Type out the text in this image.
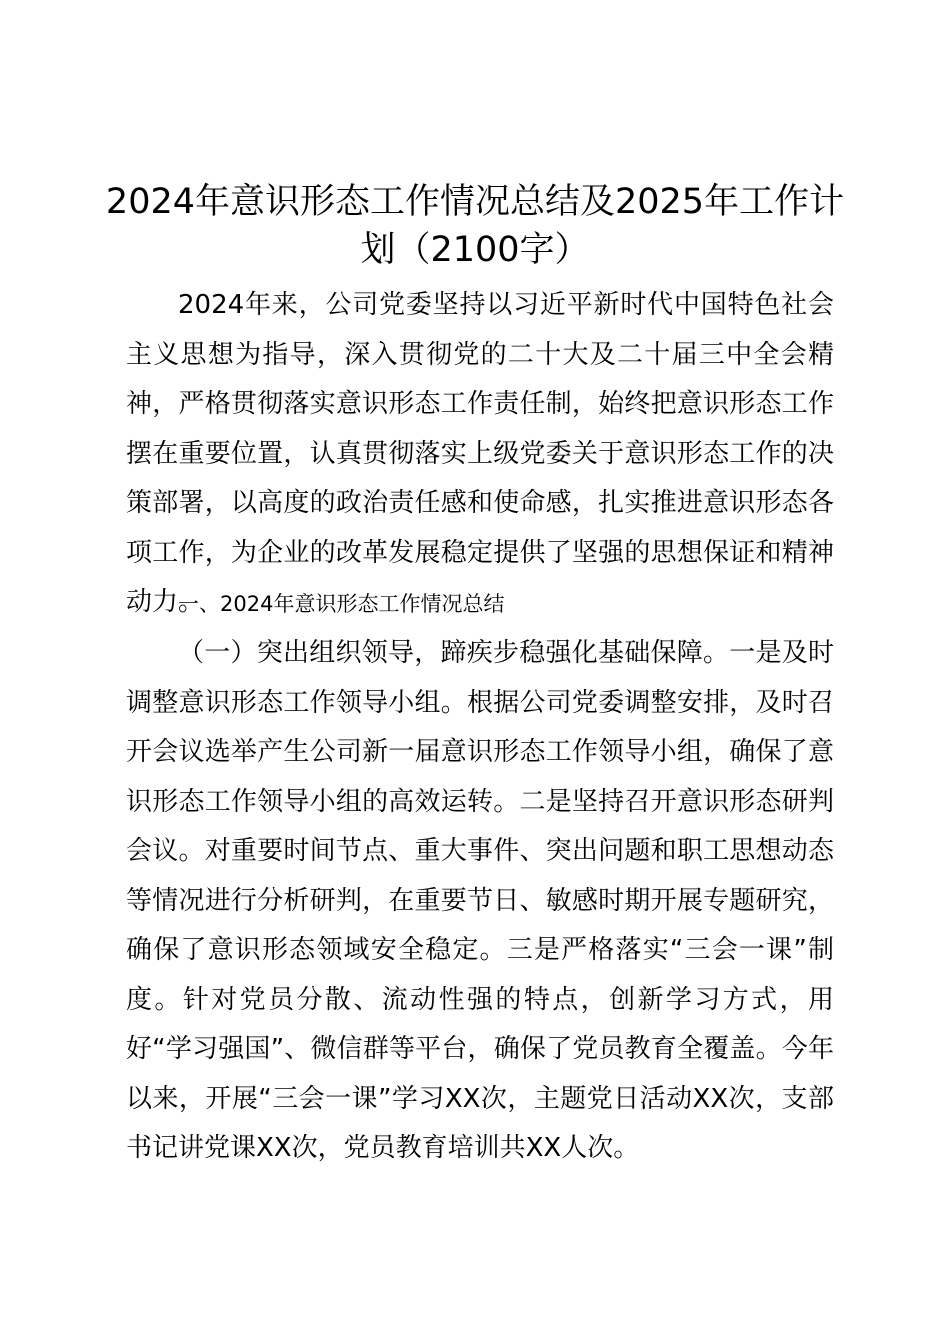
2024年意识形态工作情况总结及2025年工作计划（2100字）

2024年来，公司党委坚持以习近平新时代中国特色社会主义思想为指导，深入贯彻党的二十大及二十届三中全会精神，严格贯彻落实意识形态工作责任制，始终把意识形态工作摆在重要位置，认真贯彻落实上级党委关于意识形态工作的决策部署，以高度的政治责任感和使命感，扎实推进意识形态各项工作，为企业的改革发展稳定提供了坚强的思想保证和精神动力。

一、2024年意识形态工作情况总结

（一）突出组织领导，蹄疾步稳强化基础保障。一是及时调整意识形态工作领导小组。根据公司党委调整安排，及时召开会议选举产生公司新一届意识形态工作领导小组，确保了意识形态工作领导小组的高效运转。二是坚持召开意识形态研判会议。对重要时间节点、重大事件、突出问题和职工思想动态等情况进行分析研判，在重要节日、敏感时期开展专题研究，确保了意识形态领域安全稳定。三是严格落实“三会一课”制度。针对党员分散、流动性强的特点，创新学习方式，用好“学习强国”、微信群等平台，确保了党员教育全覆盖。今年以来，开展“三会一课”学习XX次，主题党日活动XX次，支部书记讲党课XX次，党员教育培训共XX人次。
